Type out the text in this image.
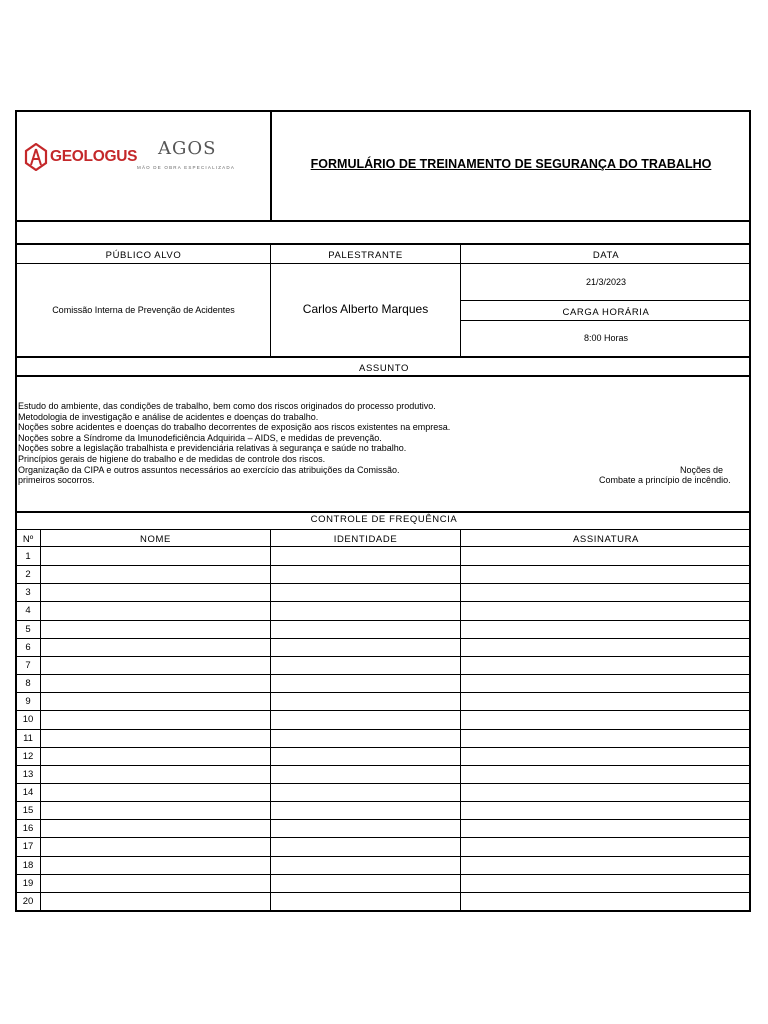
GEOLOGUS AGOS
MÃO DE OBRA ESPECIALIZADA	FORMULÁRIO DE TREINAMENTO DE SEGURANÇA DO TRABALHO
PÚBLICO ALVO	PALESTRANTE	DATA
Comissão Interna de Prevenção de Acidentes	Carlos Alberto Marques
21/3/2023
CARGA HORÁRIA
8:00 Horas
ASSUNTO
Estudo do ambiente, das condições de trabalho, bem como dos riscos originados do processo produtivo.
Metodologia de investigação e análise de acidentes e doenças do trabalho.
Noções sobre acidentes e doenças do trabalho decorrentes de exposição aos riscos existentes na empresa.
Noções sobre a Síndrome da Imunodeficiência Adquirida – AIDS, e medidas de prevenção.
Noções sobre a legislação trabalhista e previdenciária relativas à segurança e saúde no trabalho.
Princípios gerais de higiene do trabalho e de medidas de controle dos riscos.
Organização da CIPA e outros assuntos necessários ao exercício das atribuições da Comissão.
primeiros socorros.
Noções de
Combate a princípio de incêndio.
CONTROLE DE FREQUÊNCIA
Nº	NOME	IDENTIDADE	ASSINATURA
1
2
3
4
5
6
7
8
9
10
11
12
13
14
15
16
17
18
19
20
